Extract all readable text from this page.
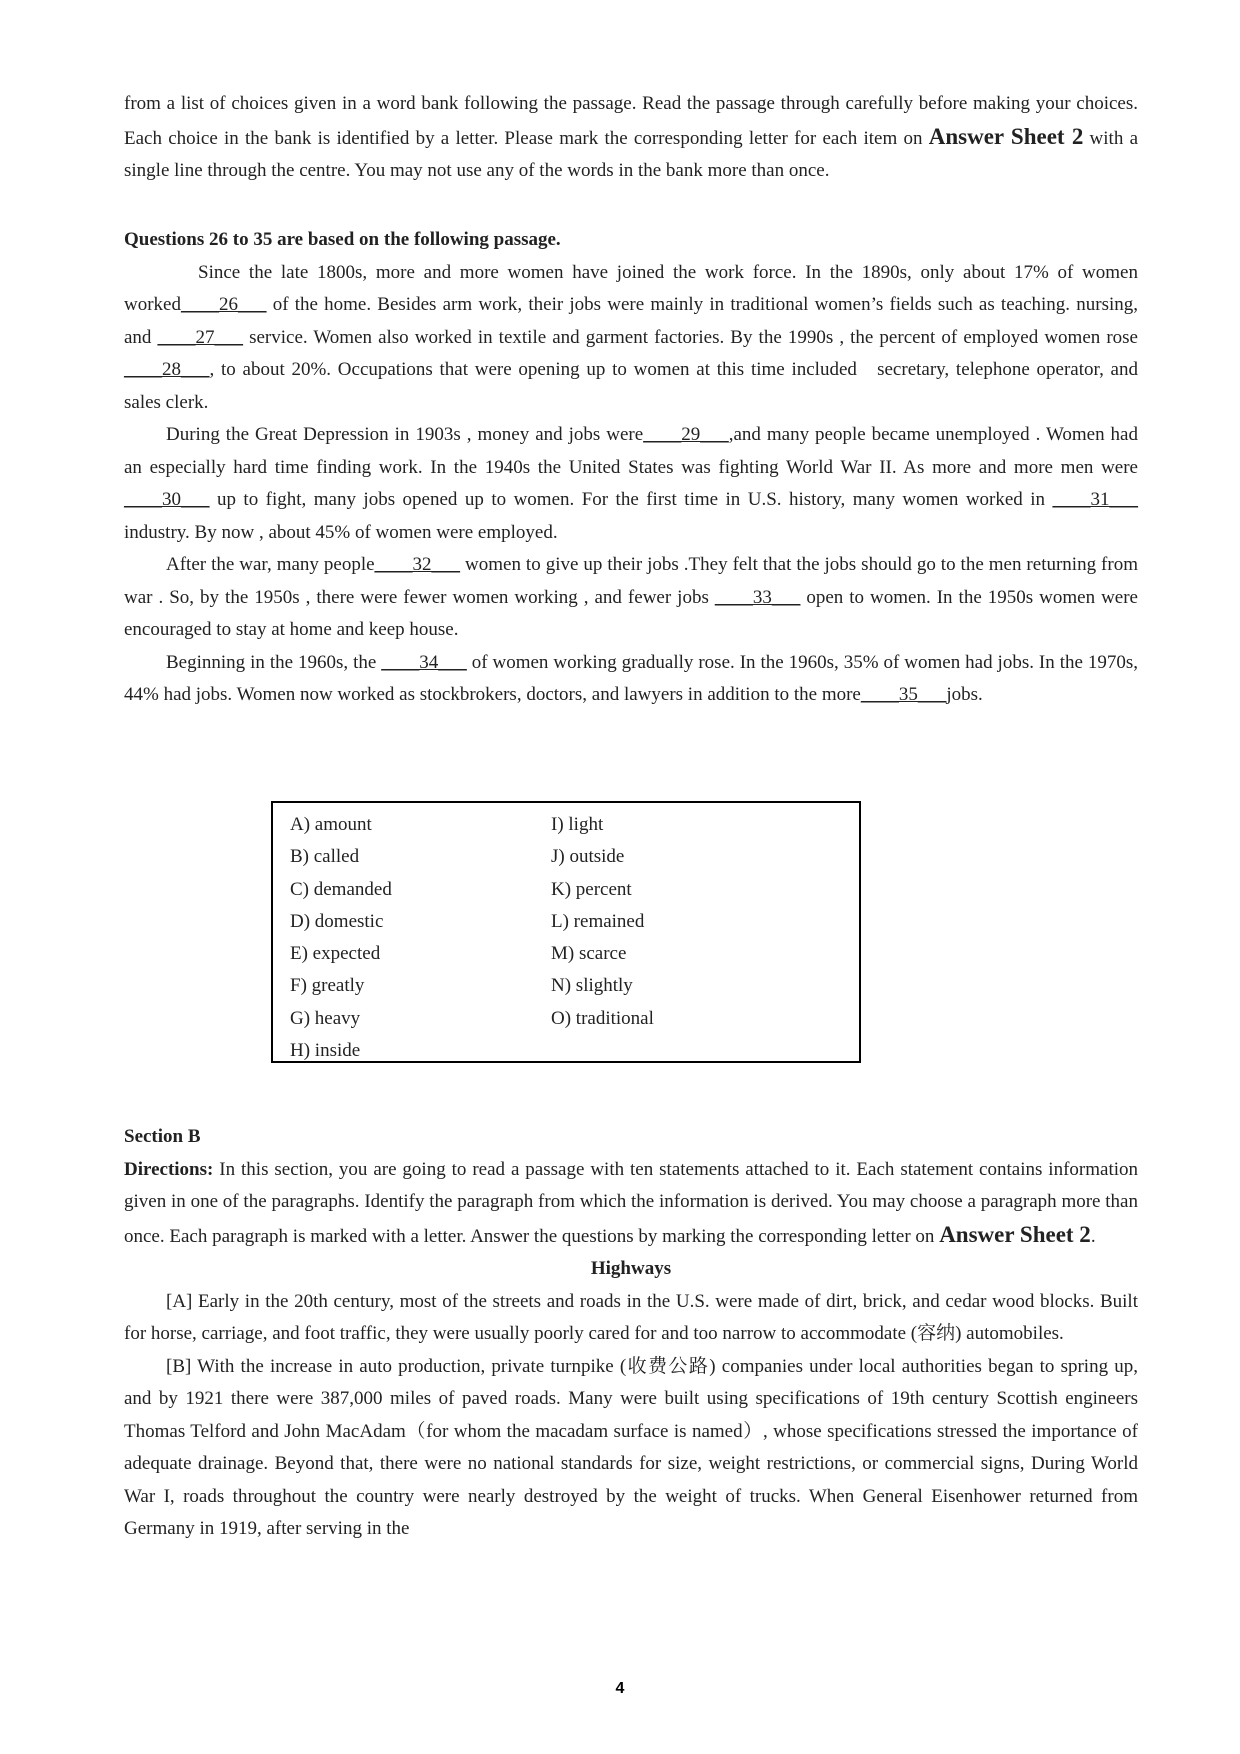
from a list of choices given in a word bank following the passage. Read the passage through carefully before making your choices. Each choice in the bank is identified by a letter. Please mark the corresponding letter for each item on Answer Sheet 2 with a single line through the centre. You may not use any of the words in the bank more than once.

Questions 26 to 35 are based on the following passage.

Since the late 1800s, more and more women have joined the work force. In the 1890s, only about 17% of women worked____26___ of the home. Besides arm work, their jobs were mainly in traditional women’s fields such as teaching. nursing, and ____27___ service. Women also worked in textile and garment factories. By the 1990s , the percent of employed women rose ____28___, to about 20%. Occupations that were opening up to women at this time included   secretary, telephone operator, and sales clerk.

During the Great Depression in 1903s , money and jobs were____29___,and many people became unemployed . Women had an especially hard time finding work. In the 1940s the United States was fighting World War II. As more and more men were ____30___ up to fight, many jobs opened up to women. For the first time in U.S. history, many women worked in ____31___ industry. By now , about 45% of women were employed.

After the war, many people____32___ women to give up their jobs .They felt that the jobs should go to the men returning from war . So, by the 1950s , there were fewer women working , and fewer jobs ____33___ open to women. In the 1950s women were encouraged to stay at home and keep house.

Beginning in the 1960s, the ____34___ of women working gradually rose. In the 1960s, 35% of women had jobs. In the 1970s, 44% had jobs. Women now worked as stockbrokers, doctors, and lawyers in addition to the more____35___jobs.

A) amount
B) called
C) demanded
D) domestic
E) expected
F) greatly
G) heavy
H) inside
I) light
J) outside
K) percent
L) remained
M) scarce
N) slightly
O) traditional

Section B

Directions: In this section, you are going to read a passage with ten statements attached to it. Each statement contains information given in one of the paragraphs. Identify the paragraph from which the information is derived. You may choose a paragraph more than once. Each paragraph is marked with a letter. Answer the questions by marking the corresponding letter on Answer Sheet 2.

Highways

[A] Early in the 20th century, most of the streets and roads in the U.S. were made of dirt, brick, and cedar wood blocks. Built for horse, carriage, and foot traffic, they were usually poorly cared for and too narrow to accommodate (容纳) automobiles.

[B] With the increase in auto production, private turnpike (收费公路) companies under local authorities began to spring up, and by 1921 there were 387,000 miles of paved roads. Many were built using specifications of 19th century Scottish engineers Thomas Telford and John MacAdam（for whom the macadam surface is named）, whose specifications stressed the importance of adequate drainage. Beyond that, there were no national standards for size, weight restrictions, or commercial signs, During World War I, roads throughout the country were nearly destroyed by the weight of trucks. When General Eisenhower returned from Germany in 1919, after serving in the

4
